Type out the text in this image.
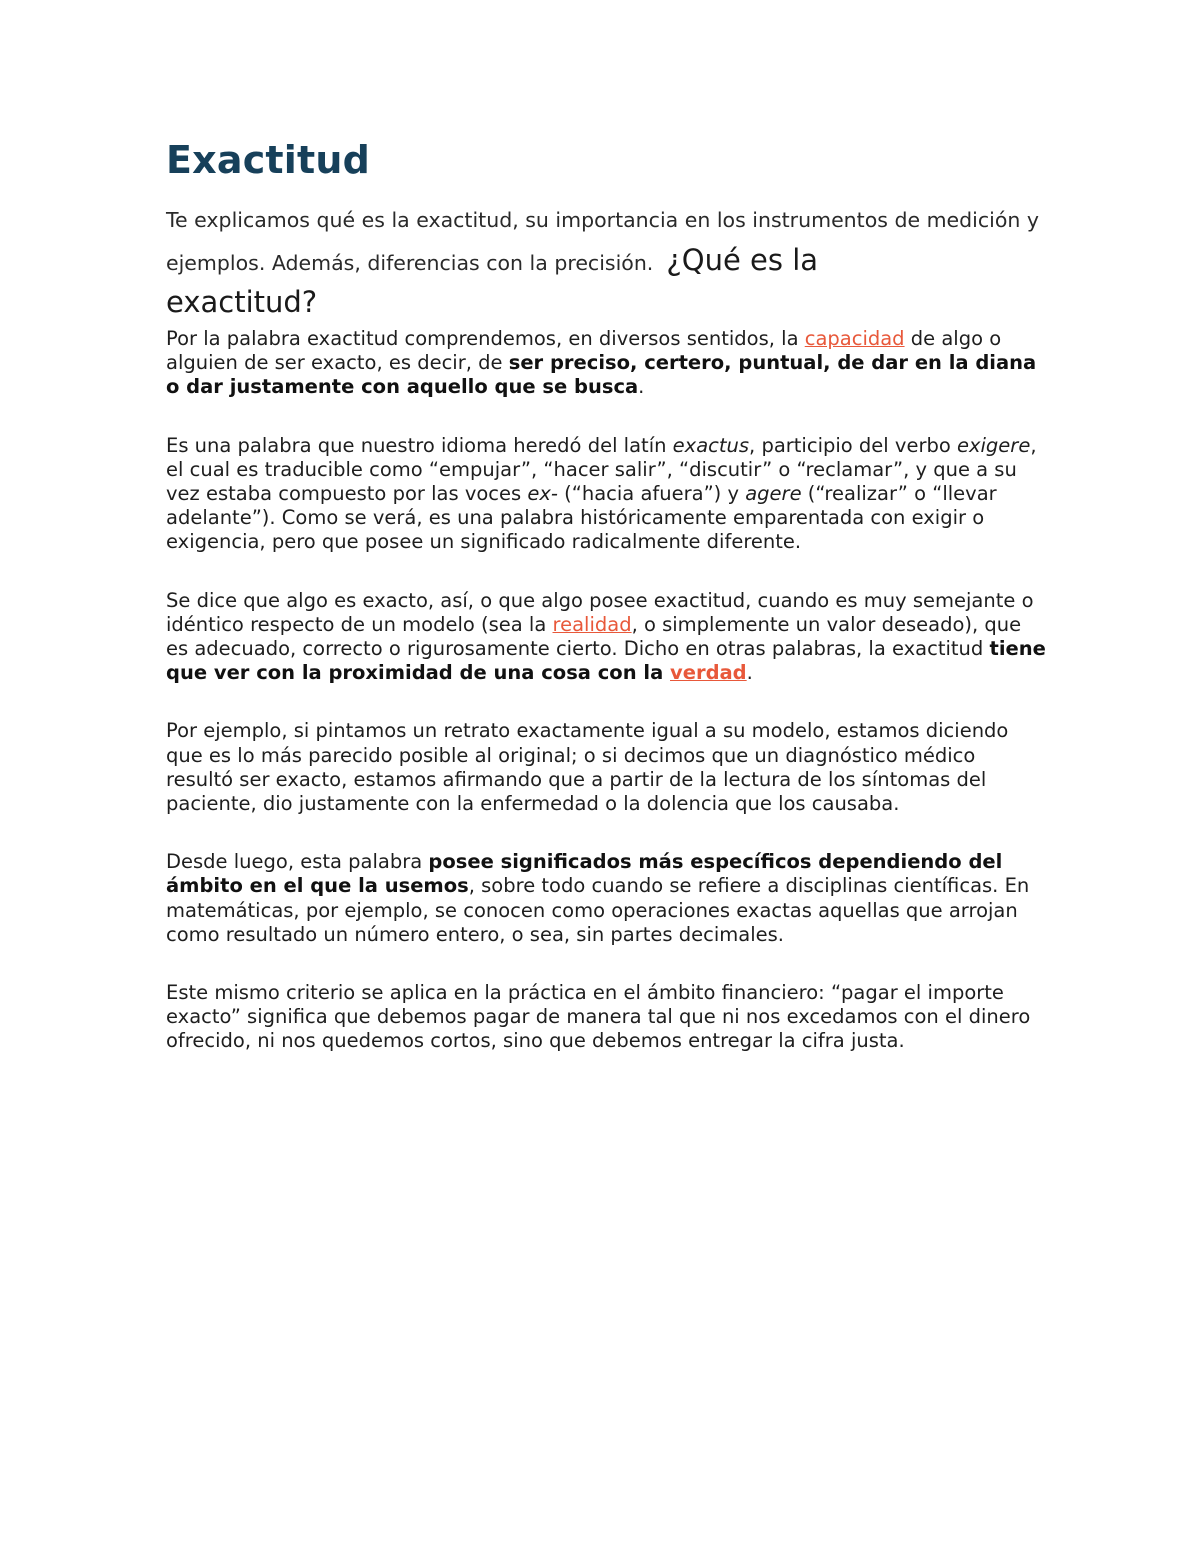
Exactitud

Te explicamos qué es la exactitud, su importancia en los instrumentos de medición y ejemplos. Además, diferencias con la precisión. ¿Qué es la
exactitud?

Por la palabra exactitud comprendemos, en diversos sentidos, la capacidad de algo o alguien de ser exacto, es decir, de ser preciso, certero, puntual, de dar en la diana o dar justamente con aquello que se busca.

Es una palabra que nuestro idioma heredó del latín exactus, participio del verbo exigere, el cual es traducible como “empujar”, “hacer salir”, “discutir” o “reclamar”, y que a su vez estaba compuesto por las voces ex- (“hacia afuera”) y agere (“realizar” o “llevar adelante”). Como se verá, es una palabra históricamente emparentada con exigir o exigencia, pero que posee un significado radicalmente diferente.

Se dice que algo es exacto, así, o que algo posee exactitud, cuando es muy semejante o idéntico respecto de un modelo (sea la realidad, o simplemente un valor deseado), que es adecuado, correcto o rigurosamente cierto. Dicho en otras palabras, la exactitud tiene que ver con la proximidad de una cosa con la verdad.

Por ejemplo, si pintamos un retrato exactamente igual a su modelo, estamos diciendo que es lo más parecido posible al original; o si decimos que un diagnóstico médico resultó ser exacto, estamos afirmando que a partir de la lectura de los síntomas del paciente, dio justamente con la enfermedad o la dolencia que los causaba.

Desde luego, esta palabra posee significados más específicos dependiendo del ámbito en el que la usemos, sobre todo cuando se refiere a disciplinas científicas. En matemáticas, por ejemplo, se conocen como operaciones exactas aquellas que arrojan como resultado un número entero, o sea, sin partes decimales.

Este mismo criterio se aplica en la práctica en el ámbito financiero: “pagar el importe exacto” significa que debemos pagar de manera tal que ni nos excedamos con el dinero ofrecido, ni nos quedemos cortos, sino que debemos entregar la cifra justa.
